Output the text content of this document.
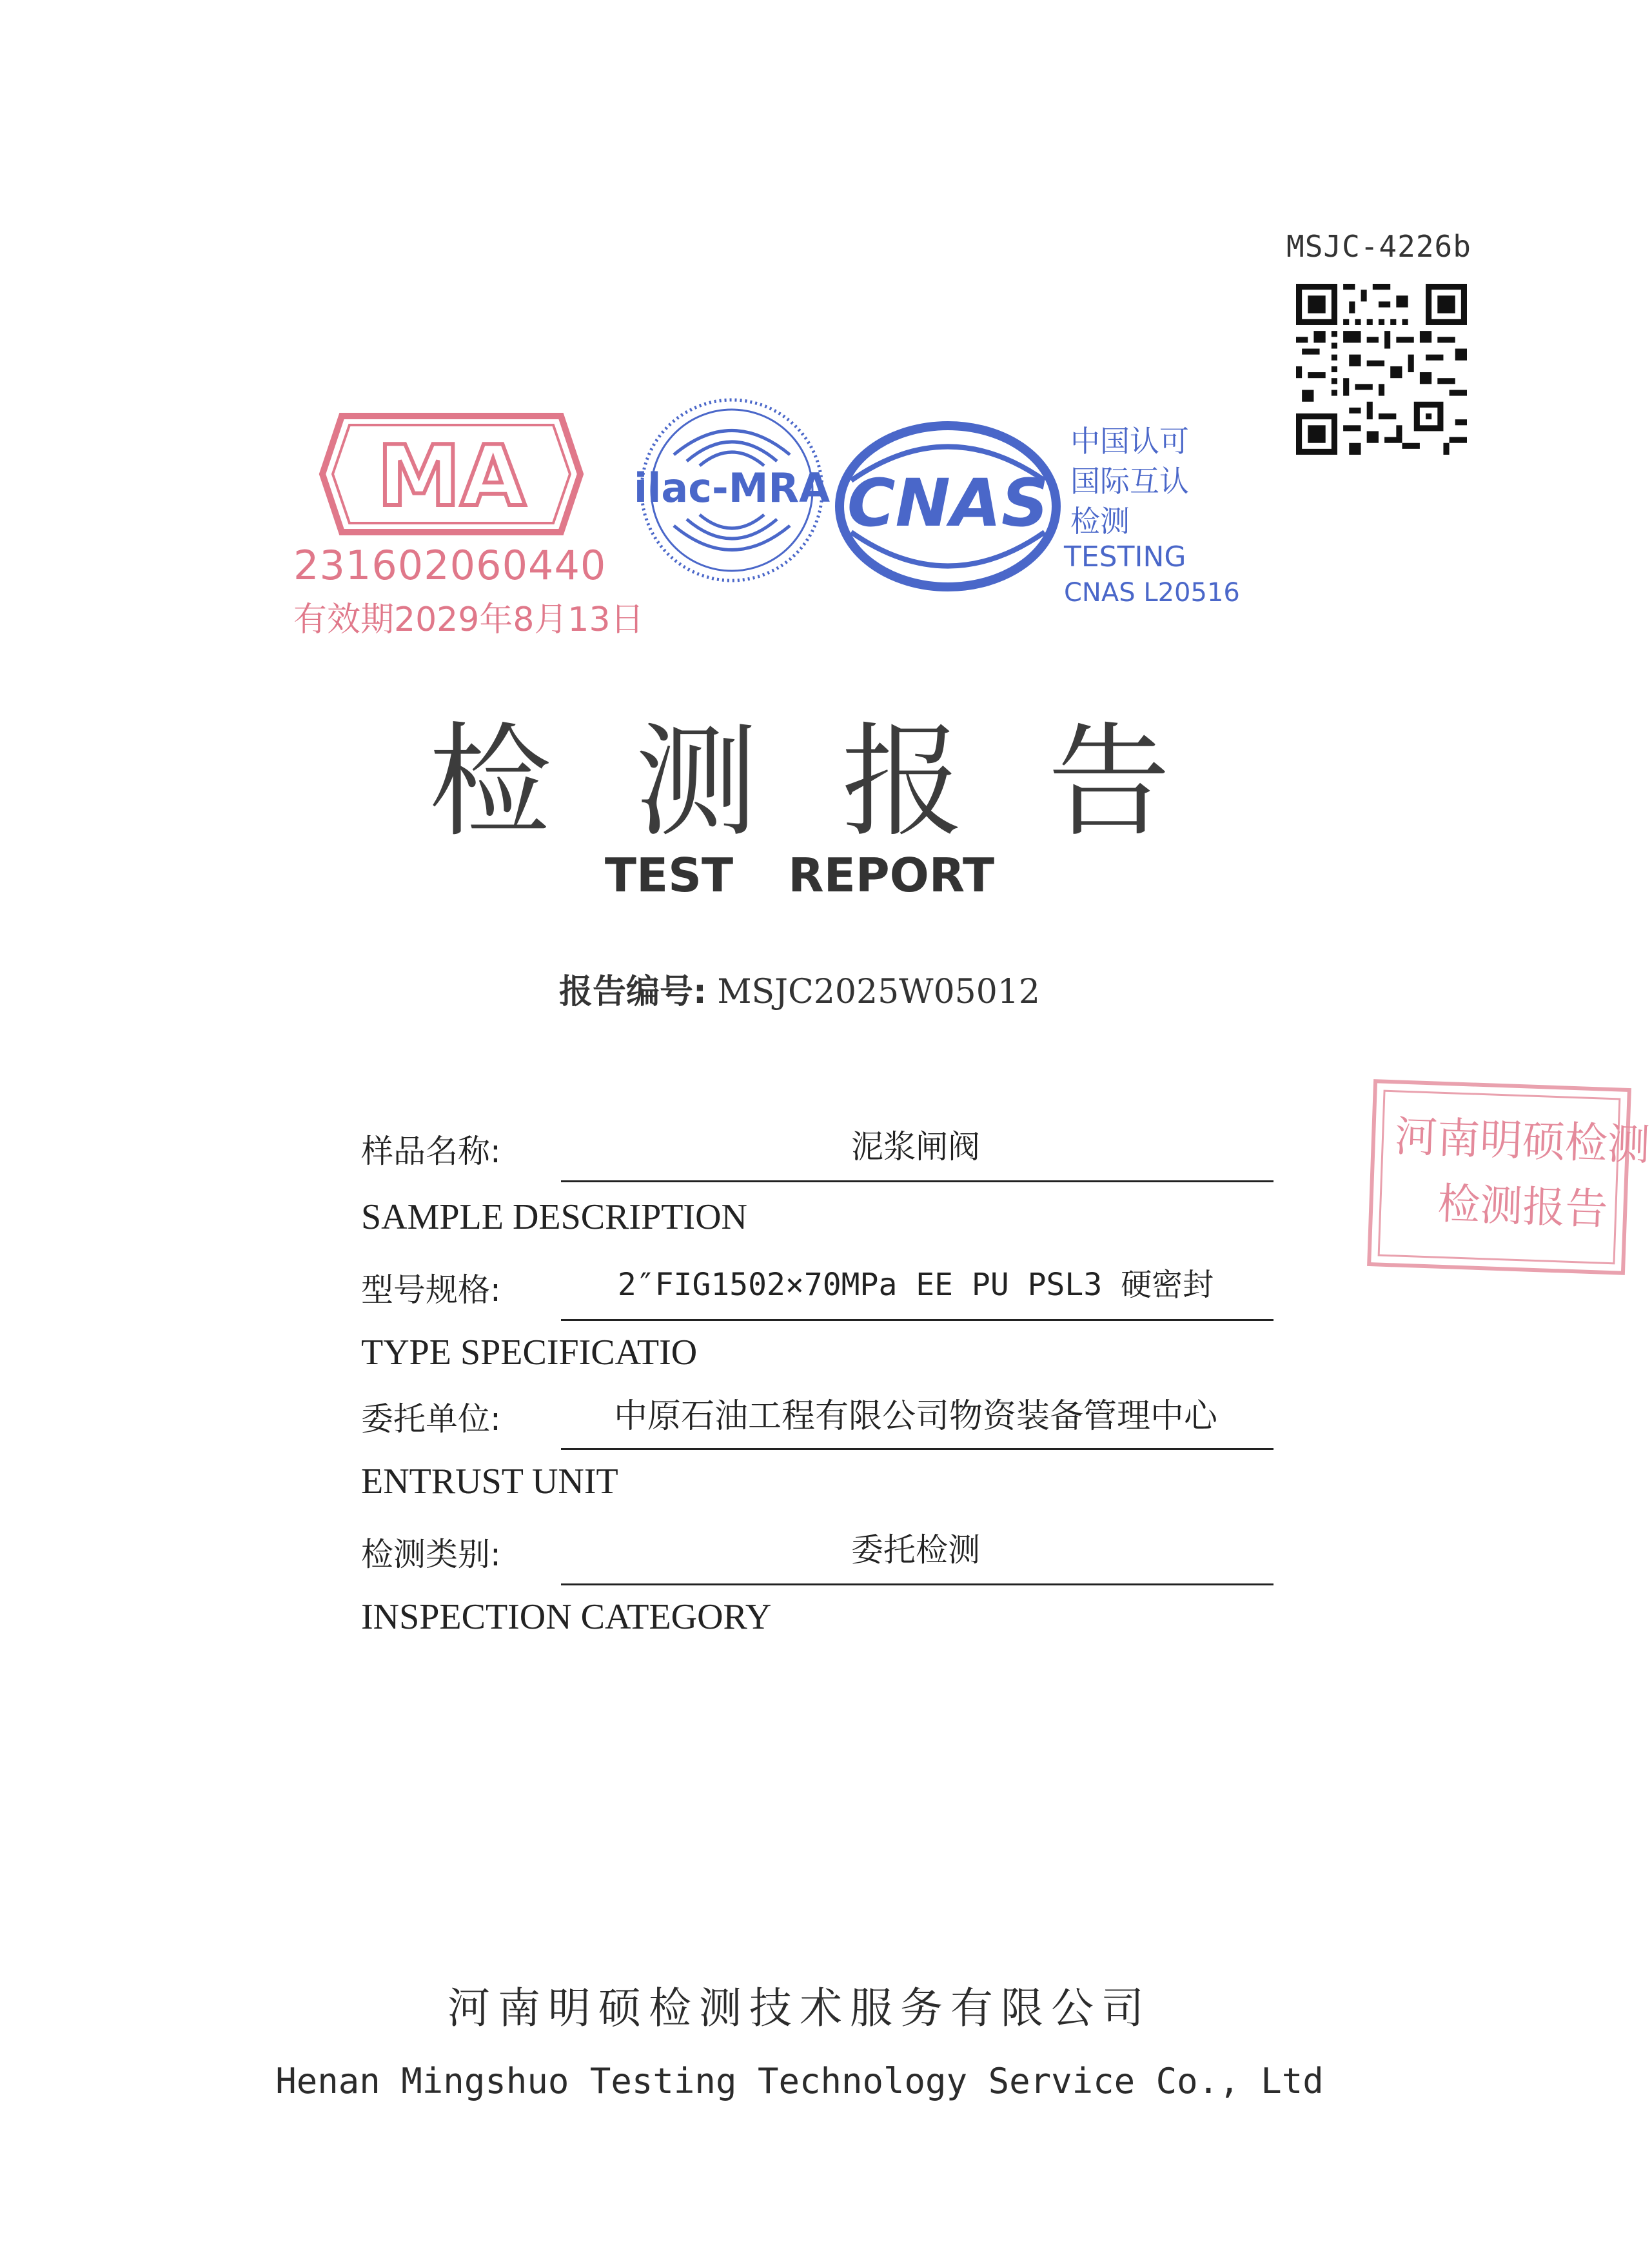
MSJC-4226b
MA
231602060440
有效期2029年8月13日
ilac-MRA CNAS
中国认可
国际互认
检测
TESTING
CNAS L20516
检测报告
TEST REPORT
报告编号: MSJC2025W05012
样品名称:	泥浆闸阀
SAMPLE DESCRIPTION
型号规格:	2″FIG1502×70MPa EE PU PSL3 硬密封
TYPE SPECIFICATIO
委托单位:	中原石油工程有限公司物资装备管理中心
ENTRUST UNIT
检测类别:	委托检测
INSPECTION CATEGORY
河南明硕检测
检测报告
河南明硕检测技术服务有限公司
Henan Mingshuo Testing Technology Service Co., Ltd
